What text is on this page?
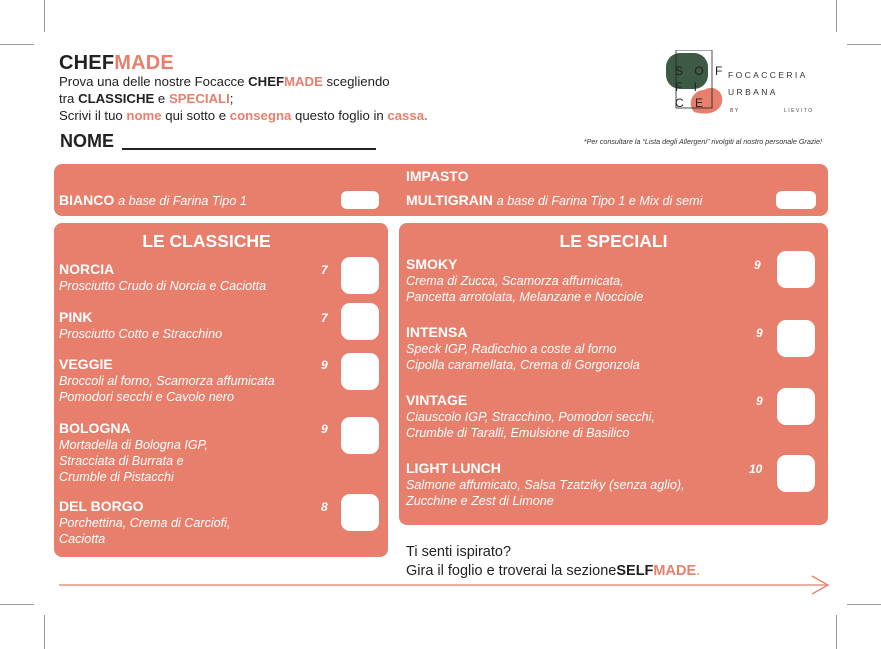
CHEFMADE
Prova una delle nostre Focacce CHEFMADE scegliendo
tra CLASSICHE e SPECIALI;
Scrivi il tuo nome qui sotto e consegna questo foglio in cassa.
NOME	*Per consultare la “Lista degli Allergeni” rivolgiti al nostro personale Grazie!
S O F
F I
C E
FOCACCERIA
URBANA
BY	LIEVITO
IMPASTO
BIANCO a base di Farina Tipo 1	MULTIGRAIN a base di Farina Tipo 1 e Mix di semi
LE CLASSICHE
NORCIA	7
Prosciutto Crudo di Norcia e Caciotta
PINK	7
Prosciutto Cotto e Stracchino
VEGGIE	9
Broccoli al forno, Scamorza affumicata
Pomodori secchi e Cavolo nero
BOLOGNA	9
Mortadella di Bologna IGP,
Stracciata di Burrata e
Crumble di Pistacchi
DEL BORGO	8
Porchettina, Crema di Carciofi,
Caciotta
LE SPECIALI
SMOKY	9
Crema di Zucca, Scamorza affumicata,
Pancetta arrotolata, Melanzane e Nocciole
INTENSA	9
Speck IGP, Radicchio a coste al forno
Cipolla caramellata, Crema di Gorgonzola
VINTAGE	9
Ciauscolo IGP, Stracchino, Pomodori secchi,
Crumble di Taralli, Emulsione di Basilico
LIGHT LUNCH	10
Salmone affumicato, Salsa Tzatziky (senza aglio),
Zucchine e Zest di Limone
Ti senti ispirato?
Gira il foglio e troverai la sezioneSELFMADE.
